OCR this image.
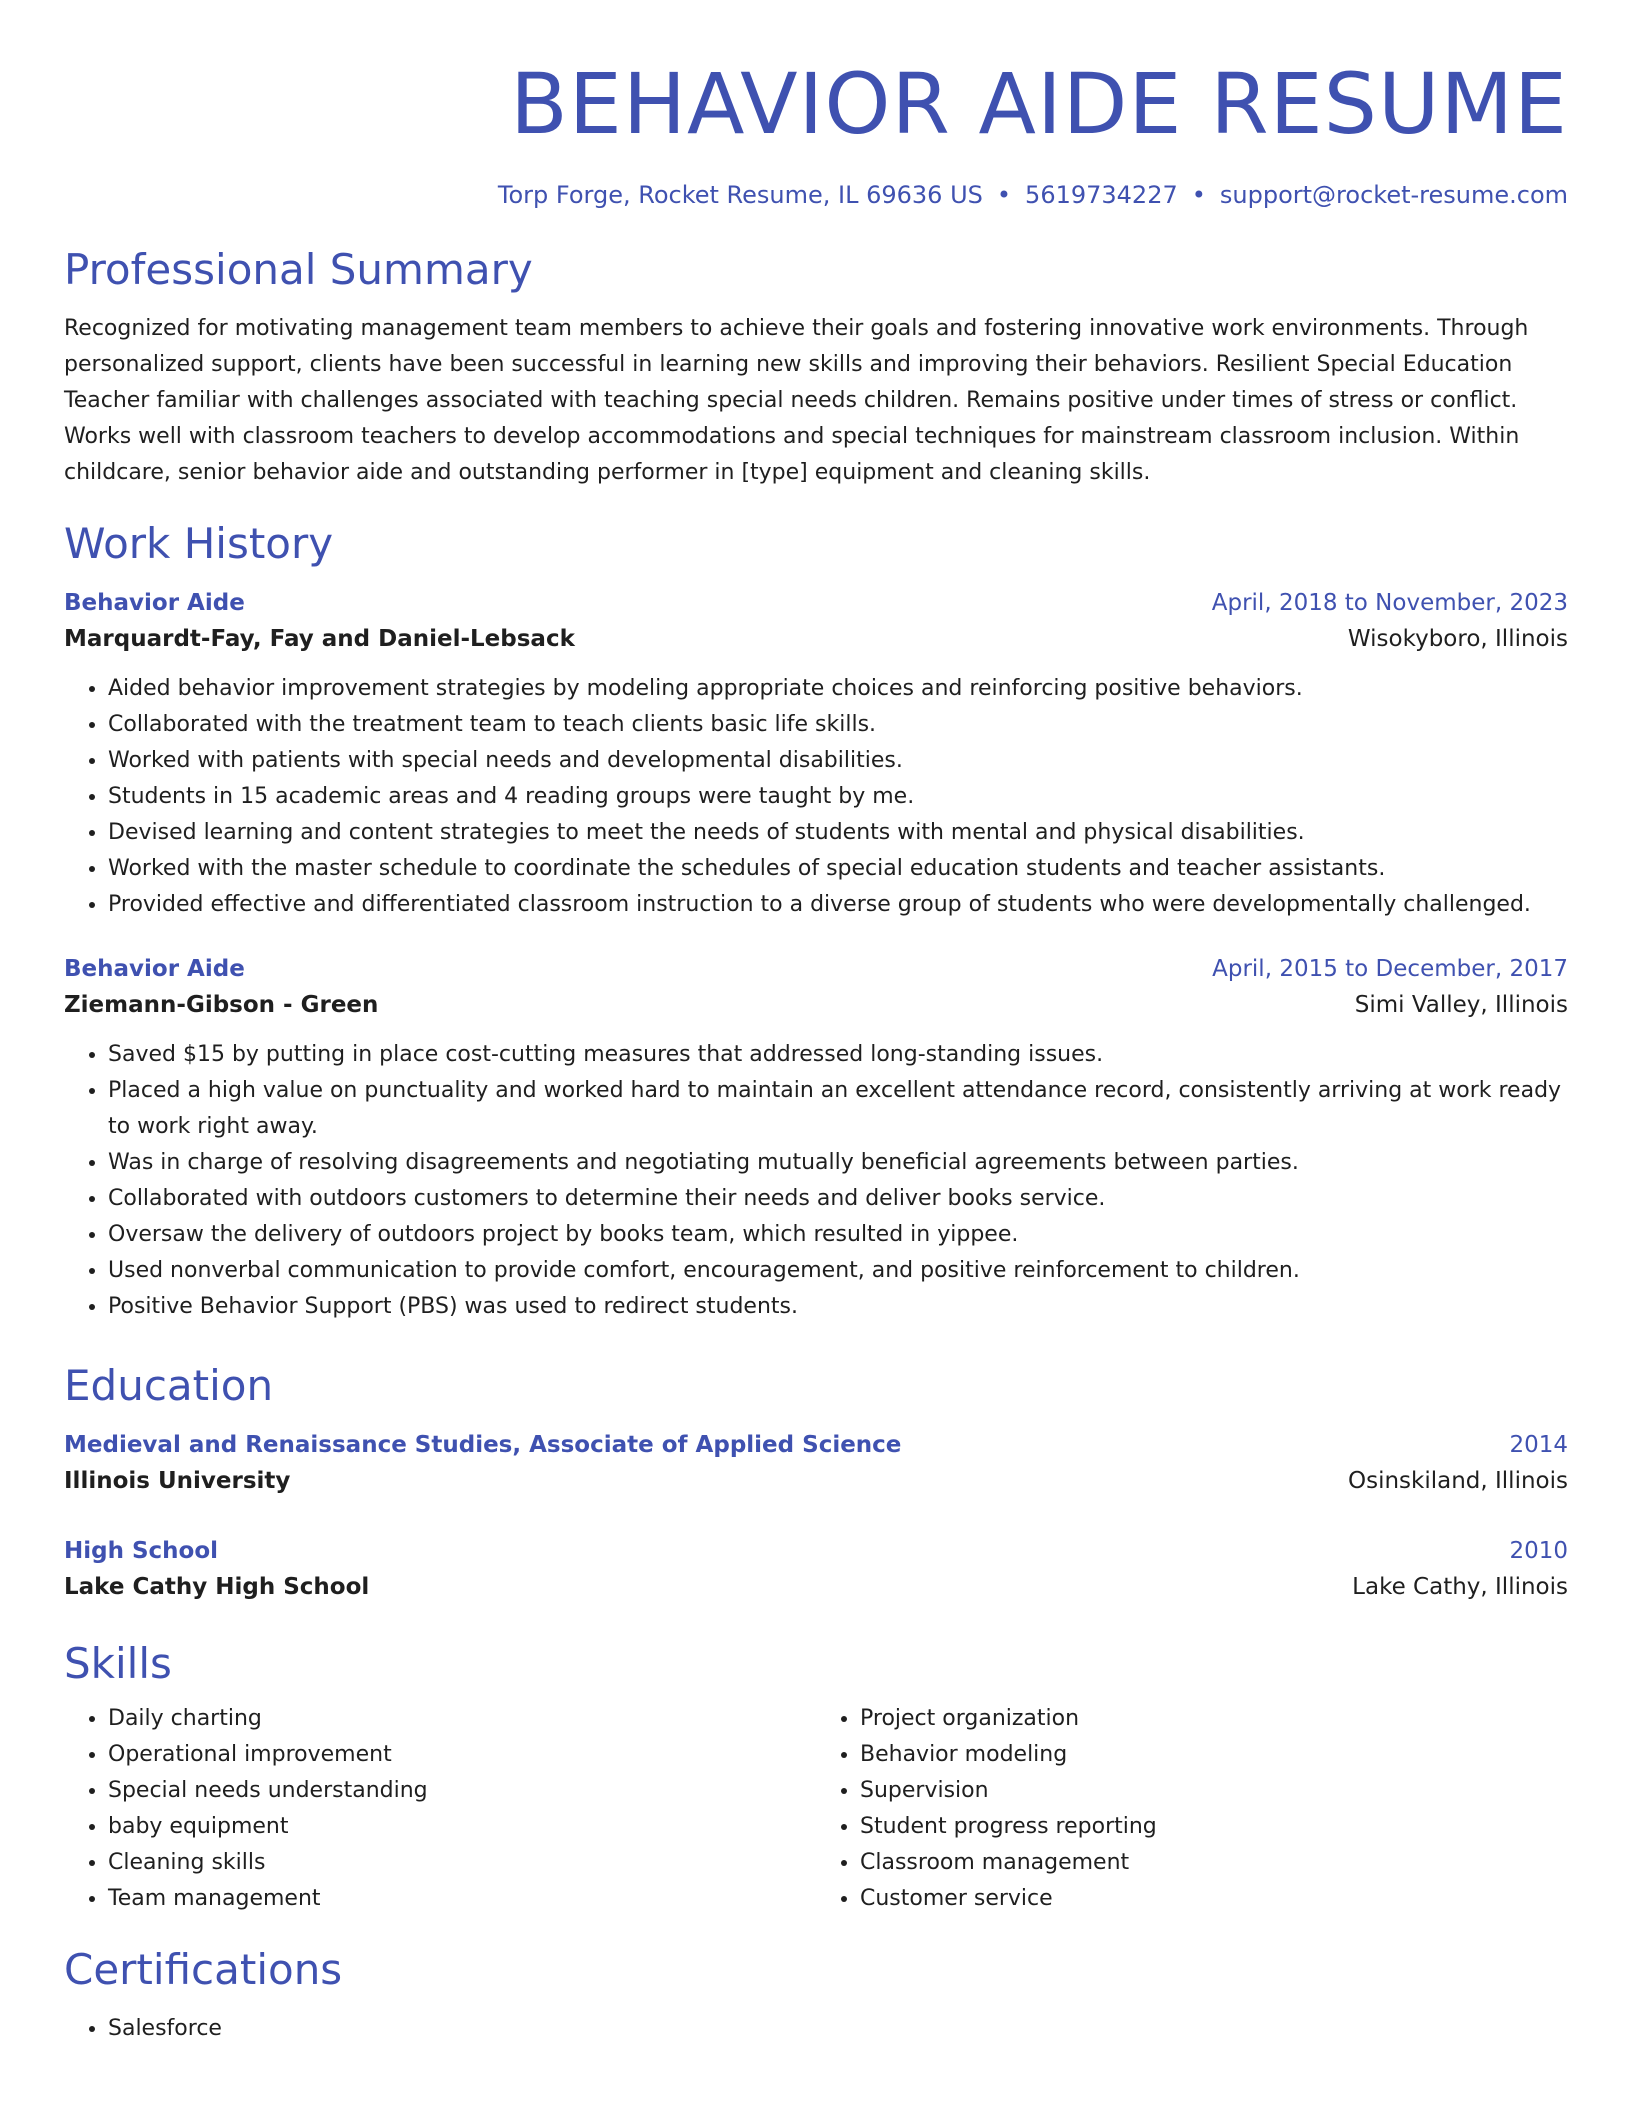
BEHAVIOR AIDE RESUME
Torp Forge, Rocket Resume, IL 69636 US • 5619734227 • support@rocket-resume.com
Professional Summary

Recognized for motivating management team members to achieve their goals and fostering innovative work environments. Through personalized support, clients have been successful in learning new skills and improving their behaviors. Resilient Special Education Teacher familiar with challenges associated with teaching special needs children. Remains positive under times of stress or conflict. Works well with classroom teachers to develop accommodations and special techniques for mainstream classroom inclusion. Within childcare, senior behavior aide and outstanding performer in [type] equipment and cleaning skills.

Work History
Behavior Aide	April, 2018 to November, 2023
Marquardt-Fay, Fay and Daniel-Lebsack	Wisokyboro, Illinois
• Aided behavior improvement strategies by modeling appropriate choices and reinforcing positive behaviors.
• Collaborated with the treatment team to teach clients basic life skills.
• Worked with patients with special needs and developmental disabilities.
• Students in 15 academic areas and 4 reading groups were taught by me.
• Devised learning and content strategies to meet the needs of students with mental and physical disabilities.
• Worked with the master schedule to coordinate the schedules of special education students and teacher assistants.
• Provided effective and differentiated classroom instruction to a diverse group of students who were developmentally challenged.
Behavior Aide	April, 2015 to December, 2017
Ziemann-Gibson - Green	Simi Valley, Illinois
• Saved $15 by putting in place cost-cutting measures that addressed long-standing issues.
• Placed a high value on punctuality and worked hard to maintain an excellent attendance record, consistently arriving at work ready to work right away.
• Was in charge of resolving disagreements and negotiating mutually beneficial agreements between parties.
• Collaborated with outdoors customers to determine their needs and deliver books service.
• Oversaw the delivery of outdoors project by books team, which resulted in yippee.
• Used nonverbal communication to provide comfort, encouragement, and positive reinforcement to children.
• Positive Behavior Support (PBS) was used to redirect students.
Education
Medieval and Renaissance Studies, Associate of Applied Science	2014
Illinois University	Osinskiland, Illinois
High School	2010
Lake Cathy High School	Lake Cathy, Illinois
Skills
• Daily charting
• Operational improvement
• Special needs understanding
• baby equipment
• Cleaning skills
• Team management
• Project organization
• Behavior modeling
• Supervision
• Student progress reporting
• Classroom management
• Customer service
Certifications
• Salesforce
